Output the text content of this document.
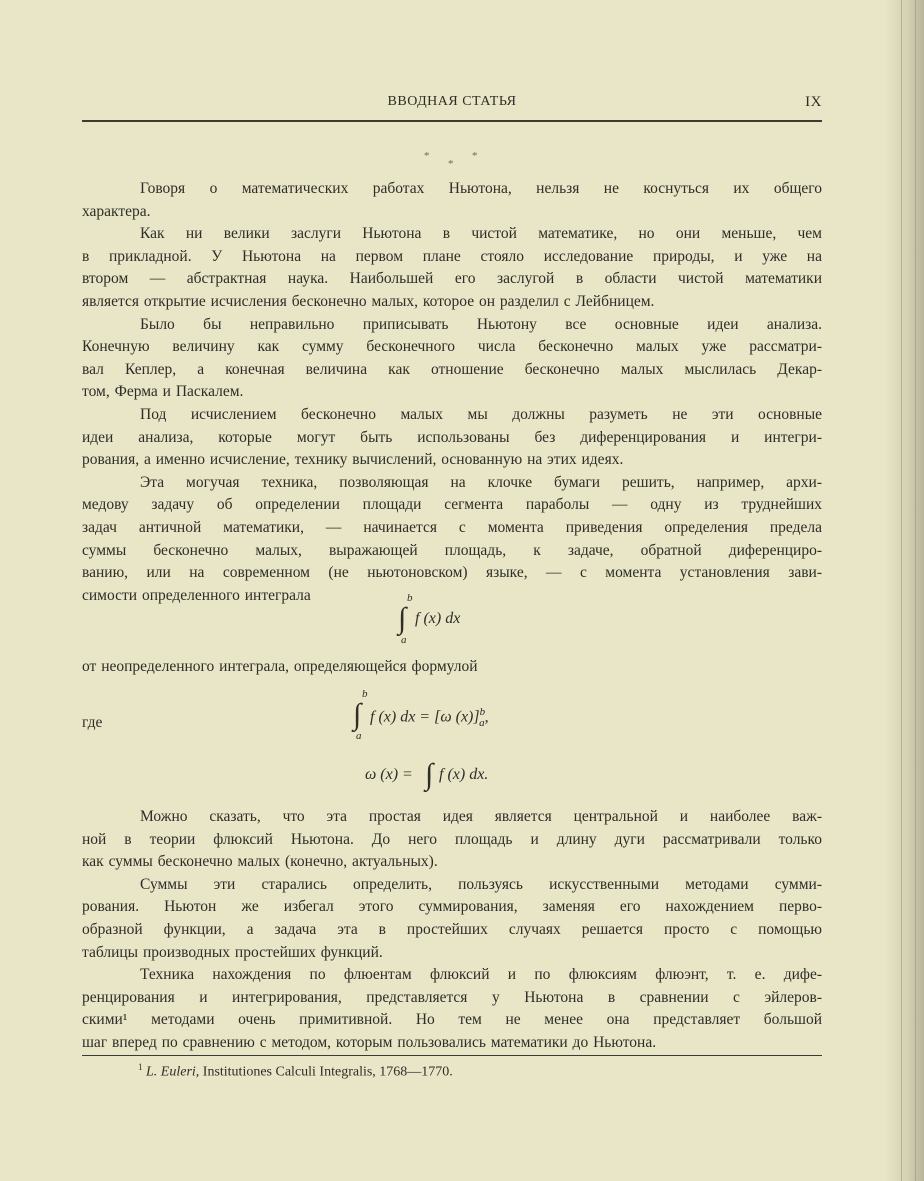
ВВОДНАЯ СТАТЬЯ	IX
*
*
*
Говоря о математических работах Ньютона, нельзя не коснуться их общего
характера.
Как ни велики заслуги Ньютона в чистой математике, но они меньше, чем
в прикладной. У Ньютона на первом плане стояло исследование природы, и уже на
втором — абстрактная наука. Наибольшей его заслугой в области чистой математики
является открытие исчисления бесконечно малых, которое он разделил с Лейбницем.
Было бы неправильно приписывать Ньютону все основные идеи анализа.
Конечную величину как сумму бесконечного числа бесконечно малых уже рассматри-
вал Кеплер, а конечная величина как отношение бесконечно малых мыслилась Декар-
том, Ферма и Паскалем.
Под исчислением бесконечно малых мы должны разуметь не эти основные
идеи анализа, которые могут быть использованы без диференцирования и интегри-
рования, а именно исчисление, технику вычислений, основанную на этих идеях.
Эта могучая техника, позволяющая на клочке бумаги решить, например, архи-
медову задачу об определении площади сегмента параболы — одну из труднейших
задач античной математики, — начинается с момента приведения определения предела
суммы бесконечно малых, выражающей площадь, к задаче, обратной диференциро-
ванию, или на современном (не ньютоновском) языке, — с момента установления зави-
симости определенного интеграла	b
∫ f (x) dx
a
от неопределенного интеграла, определяющейся формулой
b
∫ f (x) dx = [ω (x)]$^b_a$,
a
где
ω (x) = ∫ f (x) dx.
Можно сказать, что эта простая идея является центральной и наиболее важ-
ной в теории флюксий Ньютона. До него площадь и длину дуги рассматривали только
как суммы бесконечно малых (конечно, актуальных).
Суммы эти старались определить, пользуясь искусственными методами сумми-
рования. Ньютон же избегал этого суммирования, заменяя его нахождением перво-
образной функции, а задача эта в простейших случаях решается просто с помощью
таблицы производных простейших функций.
Техника нахождения по флюентам флюксий и по флюксиям флюэнт, т. е. дифе-
ренцирования и интегрирования, представляется у Ньютона в сравнении с эйлеров-
скими¹ методами очень примитивной. Но тем не менее она представляет большой
шаг вперед по сравнению с методом, которым пользовались математики до Ньютона.
$^1$ L. Euleri, Institutiones Calculi Integralis, 1768—1770.
